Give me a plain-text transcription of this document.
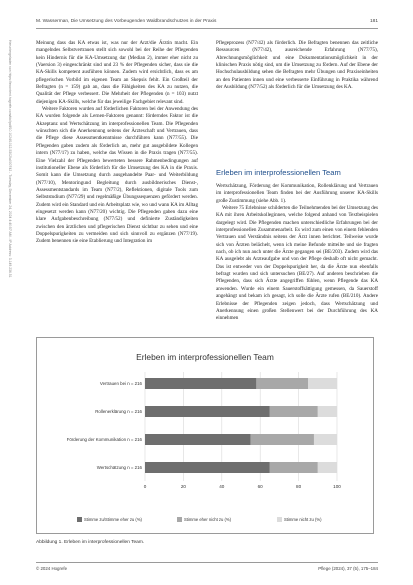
M. Wasserman, Die Umsetzung des Vorbeugenden Waldbrandschutzes in der Praxis	181
Heruntergeladen von https://econtent.hogrefe.com/doi/pdf/10.1024/1012-5302/a000742 - Tuesday, December 24, 2024 4:40:57 AM - IP Address: 3.149.236.51	Meinung dass das KA etwas ist, was nur der Arzt/die Ärztin macht. Ein mangelndes Selbstvertrauen stellt sich sowohl bei der Reihe der Pflegenden kein Hindernis für die KA-Umsetzung dar (Median 2), immer eher nicht zu (Vaersion 3) eingeschränkt sind und 23 % der Pflegenden sicher, dass sie die KA-Skills kompetent ausführen können. Zudem wird ersichtlich, dass es am pflegerischen Vorbild im eigenen Team an Skepsis fehlt. Ein Großteil der Befragten (n = 159) gab an, dass die Fähigkeiten des KA zu nutzen, die Qualität der Pflege verbessert. Die Mehrheit der Pflegenden (n = 103) nutzt diejenigen KA-Skills, welche für das jeweilige Fachgebiet relevant sind.

Weitere Faktoren wurden auf förderlichen Faktoren bei der Anwendung des KA wurden folgende als Lernen-Faktoren genannt: förderndes Faktor ist die Akzeptanz und Wertschätzung im interprofessionellen Team. Die Pflegenden wünschten sich die Anerkennung seitens der Ärzteschaft und Vertrauen, dass die Pflege diese Assessmentkenntnisse durchführen kann (N77/55). Die Pflegenden gaben zudem als förderlich an, mehr gut ausgebildete Kollegen intern (N77/17) zu haben, welche das Wissen in die Praxis tragen (N77/55). Eine Vielzahl der Pflegenden bewerteten bessere Rahmenbedingungen auf institutioneller Ebene als förderlich für die Umsetzung des KA in die Praxis. Somit kann die Umsetzung durch ausgehandelte Paar- und Weiterbildung (N77/10), Mentoringund Begleitung durch ausbildnerisches Dienst-, Assessmentstandards im Team (N77/2), Reflektionen, digitale Tools zum Selbststudium (N77/29) und regelmäßige Übungssequenzen gefördert werden. Zudem wird ein Standard und ein Arbeitsplatz wie, wo und wann KA im Alltag eingesetzt werden kann (N77/20) wichtig. Die Pflegenden gaben dazu eine klare Aufgabenbeschreibung (N77/52) und definierte Zuständigkeiten zwischen den ärztlichen und pflegerischen Dienst sichtbar zu sehen und eine Doppelspurigkeiten zu vermeiden und sich sinnvoll zu ergänzen (N77/19). Zudem benennen sie eine Etablierung und Integration im

Pflegeprozess (N77/42) als förderlich. Die Befragten benennen das zeitliche Ressourcen (N77/42), ausreichende Erfahrung (N77/75), Abrechnungsmöglichkeit und eine Dokumentationsmöglichkeit in der klinischen Praxis nötig sind, um die Umsetzung zu fördern. Auf der Ebene der Hochschulausbildung sehen die Befragten mehr Übungen und Praxiseinheiten an den Patienten innen und eine verbesserte Einführung in Praktika während der Ausbildung (N77/52) als förderlich für die Umsetzung des KA.

Erleben im interprofessionellen Team

Wertschätzung, Förderung der Kommunikation, Rollenklärung und Vertrauen im interprofessionellen Team finden bei der Ausführung unserer KA-Skills große Zustimmung (siehe Abb. 1).

Weitere 75 Erlebnisse schilderten die Teilnehmenden bei der Umsetzung des KA mit ihren Arbeitskolleginnen, welche folgend anhand von Textbeispielen dargelegt wird. Die Pflegenden machen unterschiedliche Erfahrungen bei der interprofessionellen Zusammenarbeit. Es wird zum einen von einem fehlenden Vertrauen und Verständnis seitens der Ärzt innen berichtet. Teilweise wurde sich von Ärzten belächelt, wenn ich meine Befunde mitteilte und sie fragten nach, ob ich nun auch unter die Ärzte gegangen sei (BE/203). Zudem wird das KA ausgelebt als Arzteaufgabe und von der Pflege deshalb oft nicht gemacht. Das ist entweder von der Doppelspurigkeit her, da die Ärzte nun ebenfalls befragt wurden und sich untersuchen (BE/27). Auf anderen beschrieben die Pflegenden, dass sich Ärzte angegriffen fühlen, wenn Pflegende das KA anwenden. Wurde ein einem Sauerstoffsättigung gemessen, da Sauerstoff angehängt und bekam ich gesagt, ich solle die Ärzte rufen (BE/210). Andere Erlebnisse der Pflegenden zeigen jedoch, dass Wertschätzung und Anerkennung einen großen Stellenwert bei der Durchführung des KA einnehmen

Erleben im interprofessionellen Team
0	20	40	60	80	100
Vertrauen bei n = 216
Rollenerklärung n = 216
Förderung der Kommunikation n = 216
Wertschätzung n = 216
Stimme zu/Stimme eher zu (%)	Stimme eher nicht zu (%)	Stimme nicht zu (%)
Abbildung 1. Erleben im interprofessionellen Team.
© 2024 Hogrefe	Pflege (2024), 37 (5), 175–184
